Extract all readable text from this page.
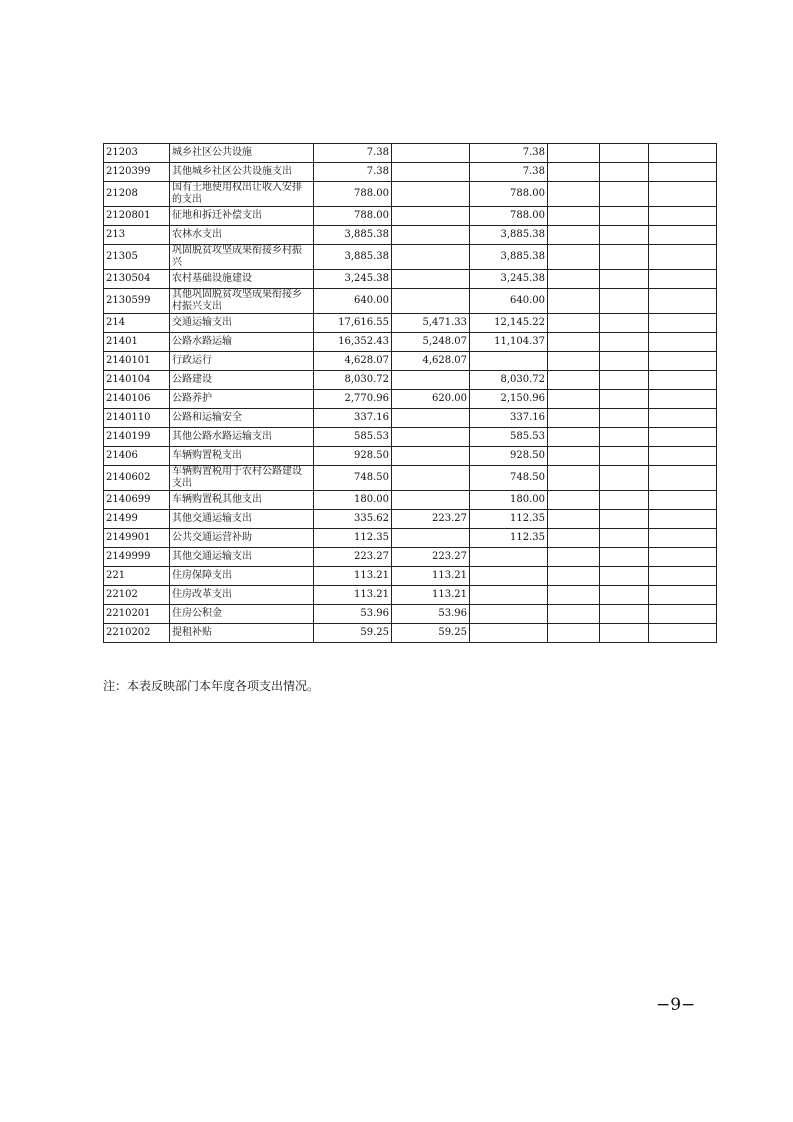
21203	城乡社区公共设施	7.38		7.38			
2120399	其他城乡社区公共设施支出	7.38		7.38			
21208	国有土地使用权出让收入安排的支出	788.00		788.00			
2120801	征地和拆迁补偿支出	788.00		788.00			
213	农林水支出	3,885.38		3,885.38			
21305	巩固脱贫攻坚成果衔接乡村振兴	3,885.38		3,885.38			
2130504	农村基础设施建设	3,245.38		3,245.38			
2130599	其他巩固脱贫攻坚成果衔接乡村振兴支出	640.00		640.00			
214	交通运输支出	17,616.55	5,471.33	12,145.22			
21401	公路水路运输	16,352.43	5,248.07	11,104.37			
2140101	行政运行	4,628.07	4,628.07				
2140104	公路建设	8,030.72		8,030.72			
2140106	公路养护	2,770.96	620.00	2,150.96			
2140110	公路和运输安全	337.16		337.16			
2140199	其他公路水路运输支出	585.53		585.53			
21406	车辆购置税支出	928.50		928.50			
2140602	车辆购置税用于农村公路建设支出	748.50		748.50			
2140699	车辆购置税其他支出	180.00		180.00			
21499	其他交通运输支出	335.62	223.27	112.35			
2149901	公共交通运营补助	112.35		112.35			
2149999	其他交通运输支出	223.27	223.27				
221	住房保障支出	113.21	113.21				
22102	住房改革支出	113.21	113.21				
2210201	住房公积金	53.96	53.96				
2210202	提租补贴	59.25	59.25				
注：本表反映部门本年度各项支出情况。
−9−
